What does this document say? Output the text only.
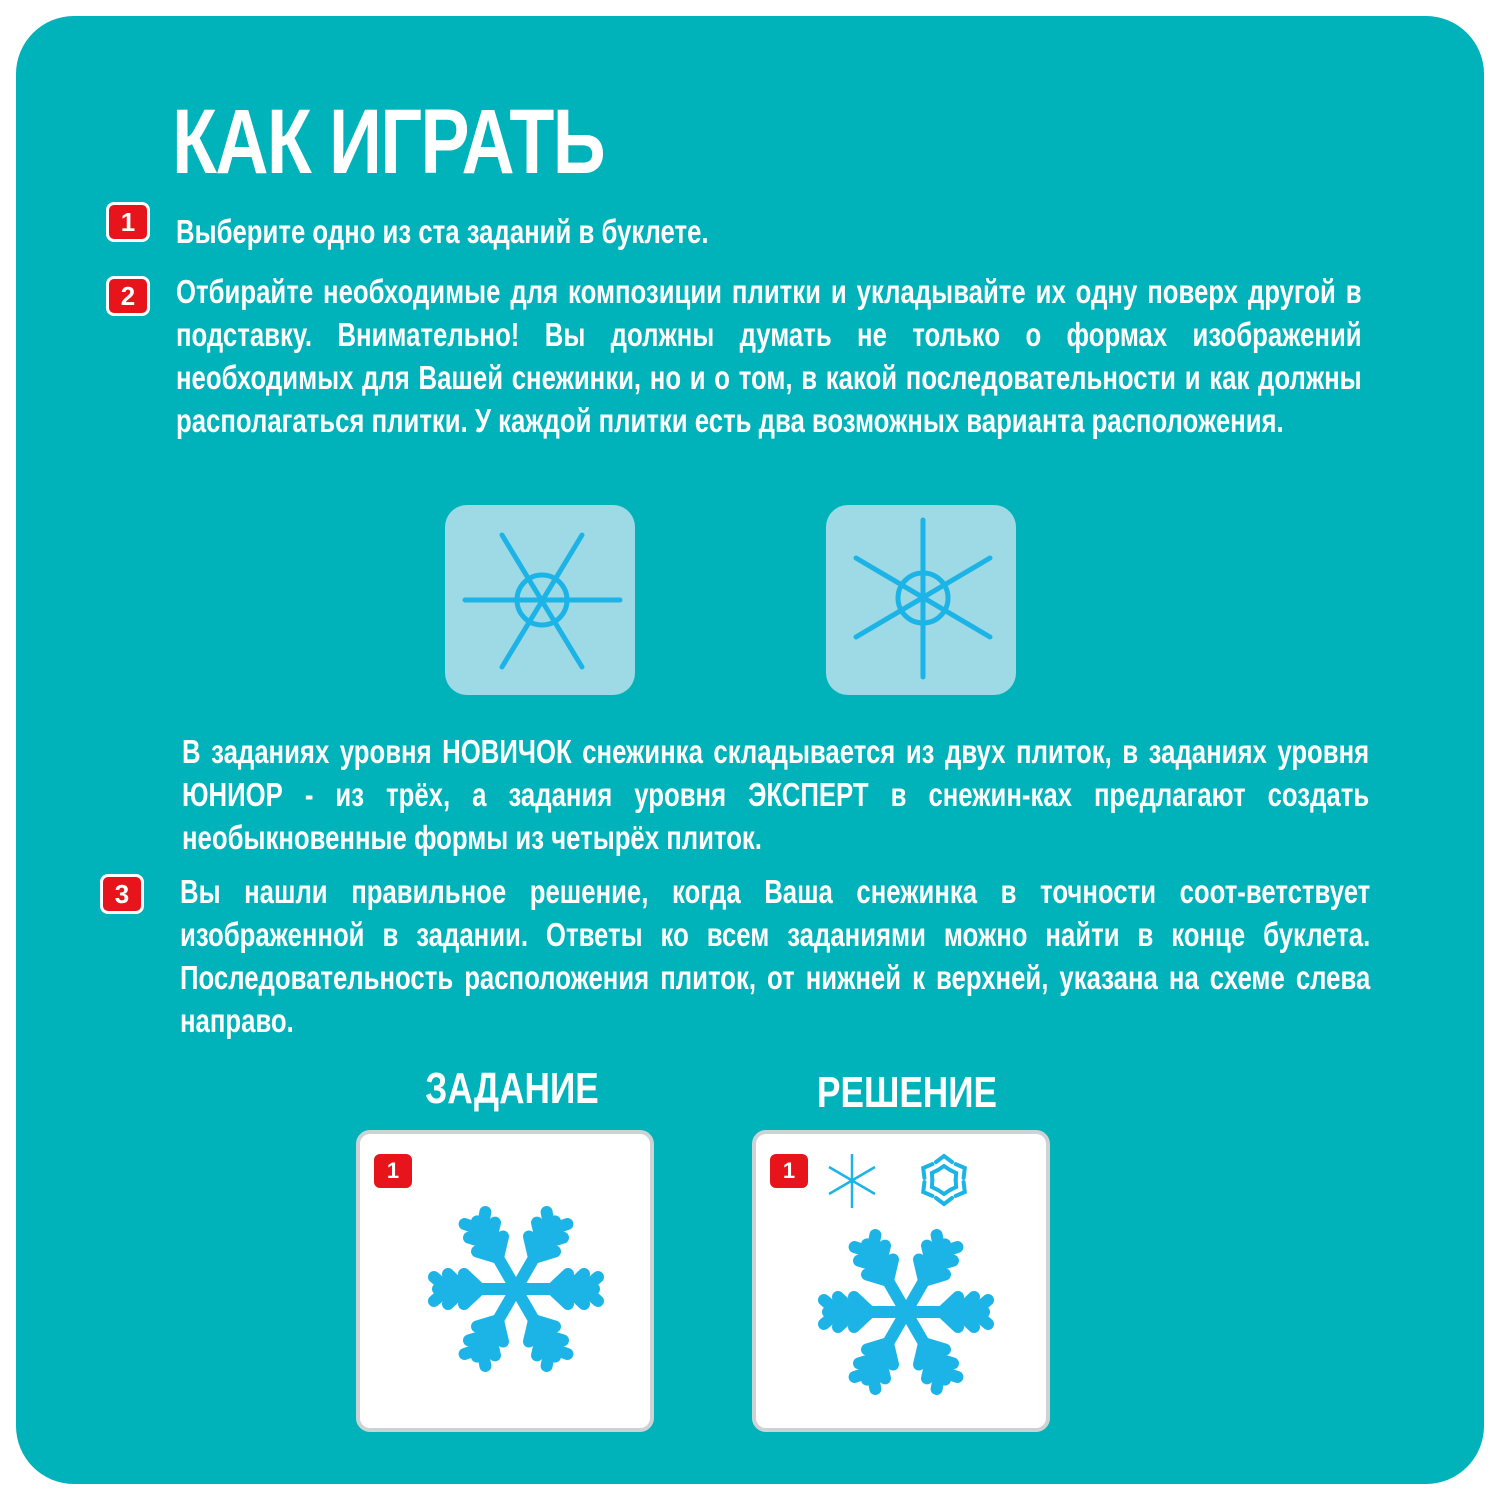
КАК ИГРАТЬ
1	Выберите одно из ста заданий в буклете.

2	Отбирайте необходимые для композиции плитки и укладывайте их одну поверх другой в подставку. Внимательно! Вы должны думать не только о формах изображений необходимых для Вашей снежинки, но и о том, в какой последовательности и как должны располагаться плитки. У каждой плитки есть два возможных варианта расположения.

В заданиях уровня НОВИЧОК снежинка складывается из двух плиток, в заданиях уровня ЮНИОР - из трёх, а задания уровня ЭКСПЕРТ в снежин-ках предлагают создать необыкновенные формы из четырёх плиток.

3	Вы нашли правильное решение, когда Ваша снежинка в точности соот-ветствует изображенной в задании. Ответы ко всем заданиями можно найти в конце буклета. Последовательность расположения плиток, от нижней к верхней, указана на схеме слева направо.

ЗАДАНИЕ	РЕШЕНИЕ

1	1
